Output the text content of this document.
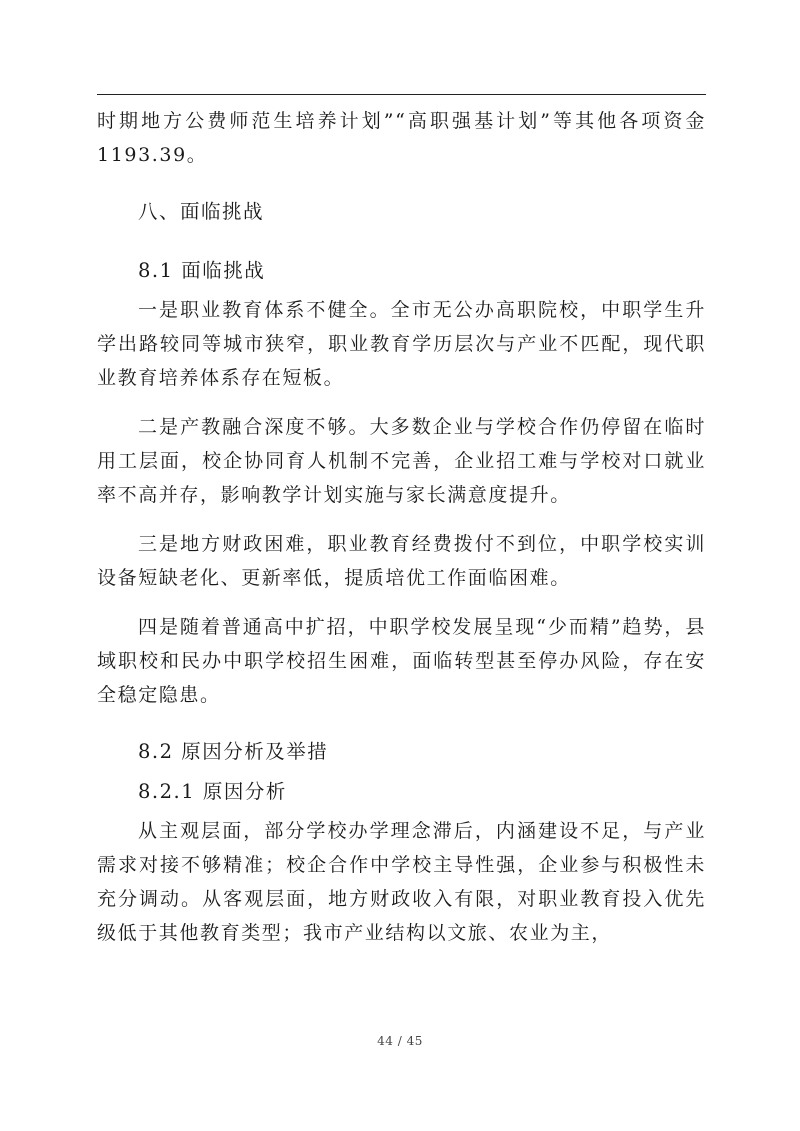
时期地方公费师范生培养计划”“高职强基计划”等其他各项资金 1193.39。

八、面临挑战
8.1 面临挑战

一是职业教育体系不健全。全市无公办高职院校，中职学生升学出路较同等城市狭窄，职业教育学历层次与产业不匹配，现代职业教育培养体系存在短板。

二是产教融合深度不够。大多数企业与学校合作仍停留在临时用工层面，校企协同育人机制不完善，企业招工难与学校对口就业率不高并存，影响教学计划实施与家长满意度提升。

三是地方财政困难，职业教育经费拨付不到位，中职学校实训设备短缺老化、更新率低，提质培优工作面临困难。

四是随着普通高中扩招，中职学校发展呈现“少而精”趋势，县域职校和民办中职学校招生困难，面临转型甚至停办风险，存在安全稳定隐患。

8.2 原因分析及举措
8.2.1 原因分析

从主观层面，部分学校办学理念滞后，内涵建设不足，与产业需求对接不够精准；校企合作中学校主导性强，企业参与积极性未充分调动。从客观层面，地方财政收入有限，对职业教育投入优先级低于其他教育类型；我市产业结构以文旅、农业为主，

44 / 45
